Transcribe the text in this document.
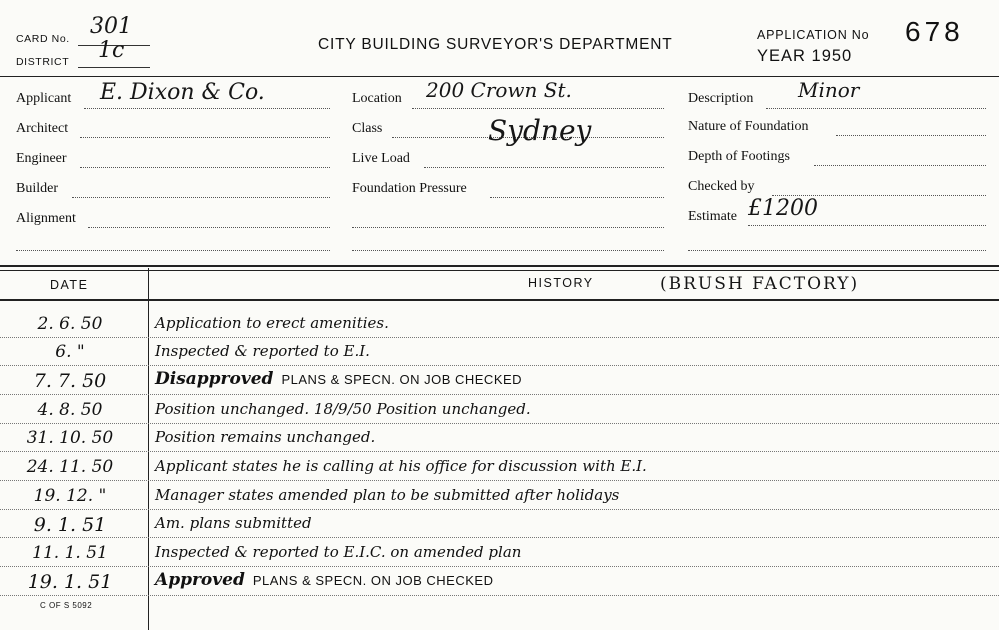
CARD No. 301
DISTRICT 1c	CITY BUILDING SURVEYOR'S DEPARTMENT
APPLICATION No 678
YEAR 1950
Applicant E. Dixon & Co.
Architect
Engineer
Builder
Alignment
Location 200 Crown St.
Class	Sydney
Live Load
Foundation Pressure
Description Minor
Nature of Foundation
Depth of Footings
Checked by
Estimate £1200
DATE	HISTORY	(BRUSH FACTORY)
2. 6. 50	Application to erect amenities.
6. "	Inspected & reported to E.I.
7. 7. 50	Disapproved PLANS & SPECN. ON JOB CHECKED
4. 8. 50	Position unchanged. 18/9/50 Position unchanged.
31. 10. 50	Position remains unchanged.
24. 11. 50	Applicant states he is calling at his office for discussion with E.I.
19. 12. "	Manager states amended plan to be submitted after holidays
9. 1. 51	Am. plans submitted
11. 1. 51	Inspected & reported to E.I.C. on amended plan
19. 1. 51	Approved PLANS & SPECN. ON JOB CHECKED
C OF S 5092
